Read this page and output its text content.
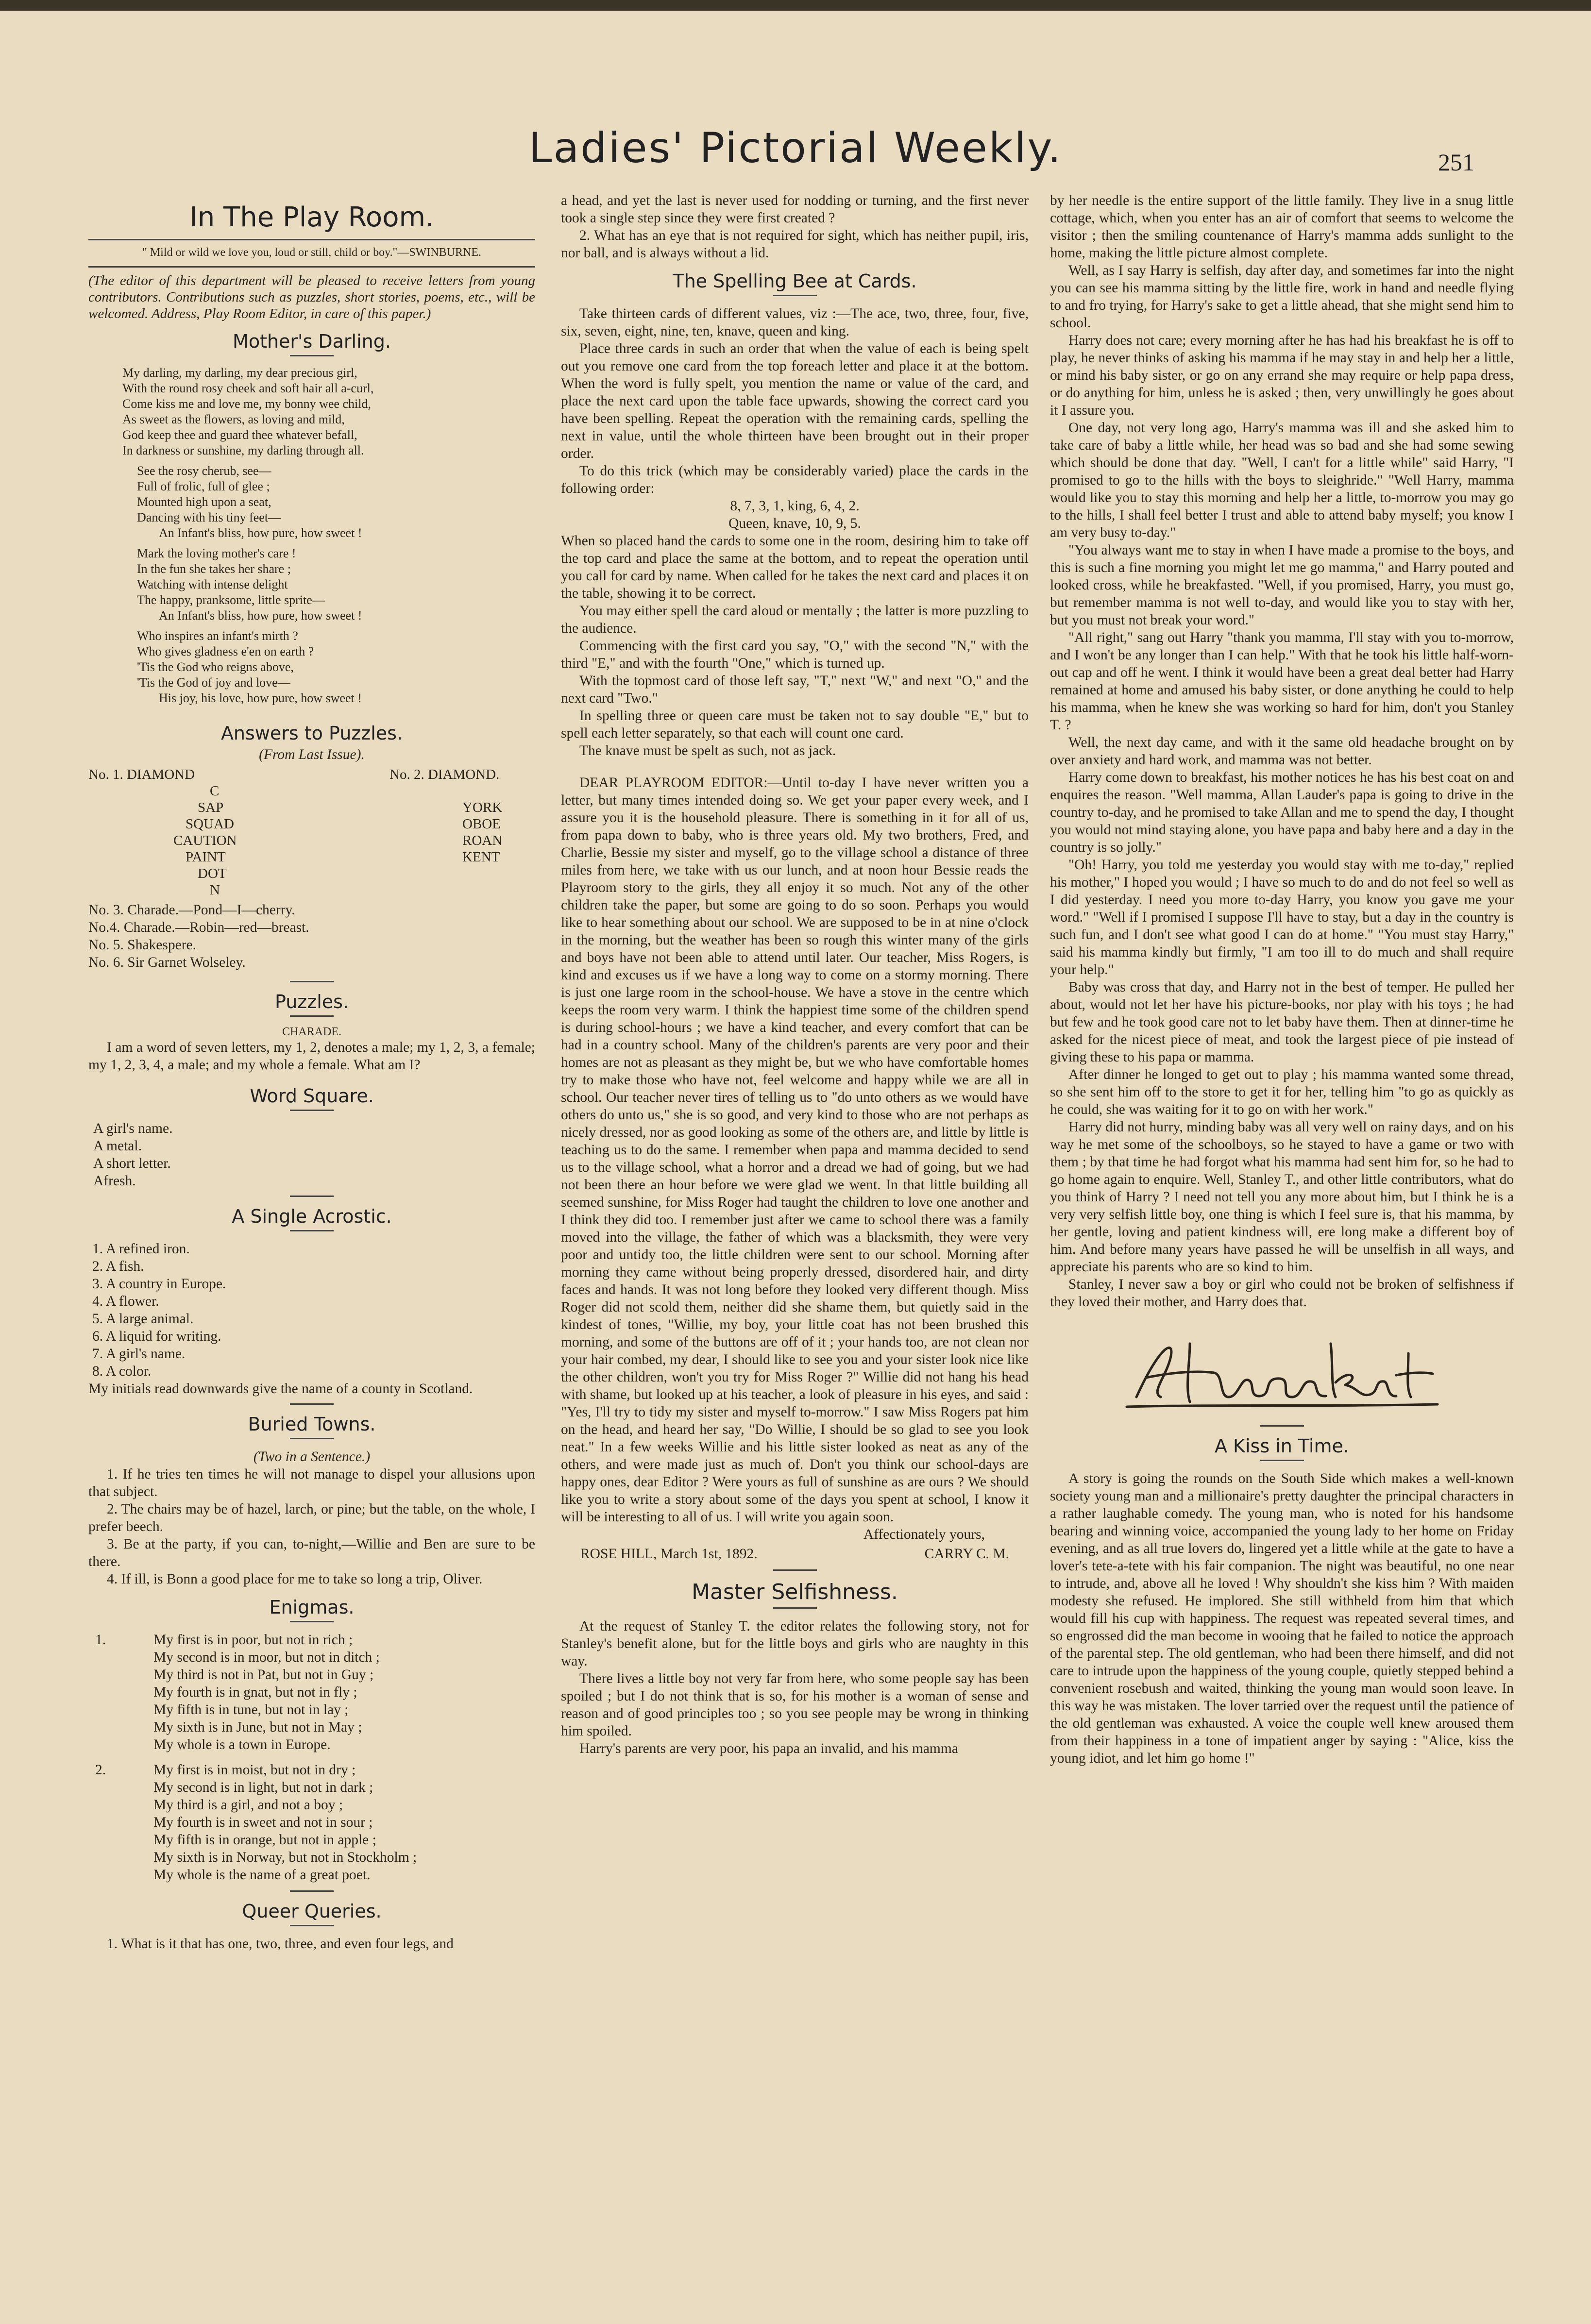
Ladies' Pictorial Weekly.	251
In The Play Room.

" Mild or wild we love you, loud or still, child or boy."—SWINBURNE.

(The editor of this department will be pleased to receive letters from young contributors. Contributions such as puzzles, short stories, poems, etc., will be welcomed. Address, Play Room Editor, in care of this paper.)

Mother's Darling.

My darling, my darling, my dear precious girl,

With the round rosy cheek and soft hair all a-curl,

Come kiss me and love me, my bonny wee child,

As sweet as the flowers, as loving and mild,

God keep thee and guard thee whatever befall,

In darkness or sunshine, my darling through all.

See the rosy cherub, see—

Full of frolic, full of glee ;

Mounted high upon a seat,

Dancing with his tiny feet—

An Infant's bliss, how pure, how sweet !

Mark the loving mother's care !

In the fun she takes her share ;

Watching with intense delight

The happy, pranksome, little sprite—

An Infant's bliss, how pure, how sweet !

Who inspires an infant's mirth ?

Who gives gladness e'en on earth ?

'Tis the God who reigns above,

'Tis the God of joy and love—

His joy, his love, how pure, how sweet !

Answers to Puzzles.

(From Last Issue).

No. 1. DIAMOND

C

SAP

SQUAD

CAUTION

PAINT

DOT

N

No. 2. DIAMOND.

YORK

OBOE

ROAN

KENT

No. 3. Charade.—Pond—I—cherry.

No.4. Charade.—Robin—red—breast.

No. 5. Shakespere.

No. 6. Sir Garnet Wolseley.

Puzzles.

CHARADE.

I am a word of seven letters, my 1, 2, denotes a male; my 1, 2, 3, a female; my 1, 2, 3, 4, a male; and my whole a female. What am I?

Word Square.

A girl's name.

A metal.

A short letter.

Afresh.

A Single Acrostic.

1. A refined iron.

2. A fish.

3. A country in Europe.

4. A flower.

5. A large animal.

6. A liquid for writing.

7. A girl's name.

8. A color.

My initials read downwards give the name of a county in Scotland.

Buried Towns.

(Two in a Sentence.)

1. If he tries ten times he will not manage to dispel your allusions upon that subject.

2. The chairs may be of hazel, larch, or pine; but the table, on the whole, I prefer beech.

3. Be at the party, if you can, to-night,—Willie and Ben are sure to be there.

4. If ill, is Bonn a good place for me to take so long a trip, Oliver.

Enigmas.
1.	My first is in poor, but not in rich ;

My second is in moor, but not in ditch ;

My third is not in Pat, but not in Guy ;

My fourth is in gnat, but not in fly ;

My fifth is in tune, but not in lay ;

My sixth is in June, but not in May ;

My whole is a town in Europe.

2.	My first is in moist, but not in dry ;

My second is in light, but not in dark ;

My third is a girl, and not a boy ;

My fourth is in sweet and not in sour ;

My fifth is in orange, but not in apple ;

My sixth is in Norway, but not in Stockholm ;

My whole is the name of a great poet.

Queer Queries.

1. What is it that has one, two, three, and even four legs, and

a head, and yet the last is never used for nodding or turning, and the first never took a single step since they were first created ?

2. What has an eye that is not required for sight, which has neither pupil, iris, nor ball, and is always without a lid.

The Spelling Bee at Cards.

Take thirteen cards of different values, viz :—The ace, two, three, four, five, six, seven, eight, nine, ten, knave, queen and king.

Place three cards in such an order that when the value of each is being spelt out you remove one card from the top foreach letter and place it at the bottom. When the word is fully spelt, you mention the name or value of the card, and place the next card upon the table face upwards, showing the correct card you have been spelling. Repeat the operation with the remaining cards, spelling the next in value, until the whole thirteen have been brought out in their proper order.

To do this trick (which may be considerably varied) place the cards in the following order:

8, 7, 3, 1, king, 6, 4, 2.

Queen, knave, 10, 9, 5.

When so placed hand the cards to some one in the room, desiring him to take off the top card and place the same at the bottom, and to repeat the operation until you call for card by name. When called for he takes the next card and places it on the table, showing it to be correct.

You may either spell the card aloud or mentally ; the latter is more puzzling to the audience.

Commencing with the first card you say, "O," with the second "N," with the third "E," and with the fourth "One," which is turned up.

With the topmost card of those left say, "T," next "W," and next "O," and the next card "Two."

In spelling three or queen care must be taken not to say double "E," but to spell each letter separately, so that each will count one card.

The knave must be spelt as such, not as jack.

DEAR PLAYROOM EDITOR:—Until to-day I have never written you a letter, but many times intended doing so. We get your paper every week, and I assure you it is the household pleasure. There is something in it for all of us, from papa down to baby, who is three years old. My two brothers, Fred, and Charlie, Bessie my sister and myself, go to the village school a distance of three miles from here, we take with us our lunch, and at noon hour Bessie reads the Playroom story to the girls, they all enjoy it so much. Not any of the other children take the paper, but some are going to do so soon. Perhaps you would like to hear something about our school. We are supposed to be in at nine o'clock in the morning, but the weather has been so rough this winter many of the girls and boys have not been able to attend until later. Our teacher, Miss Rogers, is kind and excuses us if we have a long way to come on a stormy morning. There is just one large room in the school-house. We have a stove in the centre which keeps the room very warm. I think the happiest time some of the children spend is during school-hours ; we have a kind teacher, and every comfort that can be had in a country school. Many of the children's parents are very poor and their homes are not as pleasant as they might be, but we who have comfortable homes try to make those who have not, feel welcome and happy while we are all in school. Our teacher never tires of telling us to "do unto others as we would have others do unto us," she is so good, and very kind to those who are not perhaps as nicely dressed, nor as good looking as some of the others are, and little by little is teaching us to do the same. I remember when papa and mamma decided to send us to the village school, what a horror and a dread we had of going, but we had not been there an hour before we were glad we went. In that little building all seemed sunshine, for Miss Roger had taught the children to love one another and I think they did too. I remember just after we came to school there was a family moved into the village, the father of which was a blacksmith, they were very poor and untidy too, the little children were sent to our school. Morning after morning they came without being properly dressed, disordered hair, and dirty faces and hands. It was not long before they looked very different though. Miss Roger did not scold them, neither did she shame them, but quietly said in the kindest of tones, "Willie, my boy, your little coat has not been brushed this morning, and some of the buttons are off of it ; your hands too, are not clean nor your hair combed, my dear, I should like to see you and your sister look nice like the other children, won't you try for Miss Roger ?" Willie did not hang his head with shame, but looked up at his teacher, a look of pleasure in his eyes, and said : "Yes, I'll try to tidy my sister and myself to-morrow." I saw Miss Rogers pat him on the head, and heard her say, "Do Willie, I should be so glad to see you look neat." In a few weeks Willie and his little sister looked as neat as any of the others, and were made just as much of. Don't you think our school-days are happy ones, dear Editor ? Were yours as full of sunshine as are ours ? We should like you to write a story about some of the days you spent at school, I know it will be interesting to all of us. I will write you again soon.

Affectionately yours,

ROSE HILL, March 1st, 1892.	CARRY C. M.
Master Selfishness.

At the request of Stanley T. the editor relates the following story, not for Stanley's benefit alone, but for the little boys and girls who are naughty in this way.

There lives a little boy not very far from here, who some people say has been spoiled ; but I do not think that is so, for his mother is a woman of sense and reason and of good principles too ; so you see people may be wrong in thinking him spoiled.

Harry's parents are very poor, his papa an invalid, and his mamma

by her needle is the entire support of the little family. They live in a snug little cottage, which, when you enter has an air of comfort that seems to welcome the visitor ; then the smiling countenance of Harry's mamma adds sunlight to the home, making the little picture almost complete.

Well, as I say Harry is selfish, day after day, and sometimes far into the night you can see his mamma sitting by the little fire, work in hand and needle flying to and fro trying, for Harry's sake to get a little ahead, that she might send him to school.

Harry does not care; every morning after he has had his breakfast he is off to play, he never thinks of asking his mamma if he may stay in and help her a little, or mind his baby sister, or go on any errand she may require or help papa dress, or do anything for him, unless he is asked ; then, very unwillingly he goes about it I assure you.

One day, not very long ago, Harry's mamma was ill and she asked him to take care of baby a little while, her head was so bad and she had some sewing which should be done that day. "Well, I can't for a little while" said Harry, "I promised to go to the hills with the boys to sleighride." "Well Harry, mamma would like you to stay this morning and help her a little, to-morrow you may go to the hills, I shall feel better I trust and able to attend baby myself; you know I am very busy to-day."

"You always want me to stay in when I have made a promise to the boys, and this is such a fine morning you might let me go mamma," and Harry pouted and looked cross, while he breakfasted. "Well, if you promised, Harry, you must go, but remember mamma is not well to-day, and would like you to stay with her, but you must not break your word."

"All right," sang out Harry "thank you mamma, I'll stay with you to-morrow, and I won't be any longer than I can help." With that he took his little half-worn-out cap and off he went. I think it would have been a great deal better had Harry remained at home and amused his baby sister, or done anything he could to help his mamma, when he knew she was working so hard for him, don't you Stanley T. ?

Well, the next day came, and with it the same old headache brought on by over anxiety and hard work, and mamma was not better.

Harry come down to breakfast, his mother notices he has his best coat on and enquires the reason. "Well mamma, Allan Lauder's papa is going to drive in the country to-day, and he promised to take Allan and me to spend the day, I thought you would not mind staying alone, you have papa and baby here and a day in the country is so jolly."

"Oh! Harry, you told me yesterday you would stay with me to-day," replied his mother," I hoped you would ; I have so much to do and do not feel so well as I did yesterday. I need you more to-day Harry, you know you gave me your word." "Well if I promised I suppose I'll have to stay, but a day in the country is such fun, and I don't see what good I can do at home." "You must stay Harry," said his mamma kindly but firmly, "I am too ill to do much and shall require your help."

Baby was cross that day, and Harry not in the best of temper. He pulled her about, would not let her have his picture-books, nor play with his toys ; he had but few and he took good care not to let baby have them. Then at dinner-time he asked for the nicest piece of meat, and took the largest piece of pie instead of giving these to his papa or mamma.

After dinner he longed to get out to play ; his mamma wanted some thread, so she sent him off to the store to get it for her, telling him "to go as quickly as he could, she was waiting for it to go on with her work."

Harry did not hurry, minding baby was all very well on rainy days, and on his way he met some of the schoolboys, so he stayed to have a game or two with them ; by that time he had forgot what his mamma had sent him for, so he had to go home again to enquire. Well, Stanley T., and other little contributors, what do you think of Harry ? I need not tell you any more about him, but I think he is a very very selfish little boy, one thing is which I feel sure is, that his mamma, by her gentle, loving and patient kindness will, ere long make a different boy of him. And before many years have passed he will be unselfish in all ways, and appreciate his parents who are so kind to him.

Stanley, I never saw a boy or girl who could not be broken of selfishness if they loved their mother, and Harry does that.

A Kiss in Time.

A story is going the rounds on the South Side which makes a well-known society young man and a millionaire's pretty daughter the principal characters in a rather laughable comedy. The young man, who is noted for his handsome bearing and winning voice, accompanied the young lady to her home on Friday evening, and as all true lovers do, lingered yet a little while at the gate to have a lover's tete-a-tete with his fair companion. The night was beautiful, no one near to intrude, and, above all he loved ! Why shouldn't she kiss him ? With maiden modesty she refused. He implored. She still withheld from him that which would fill his cup with happiness. The request was repeated several times, and so engrossed did the man become in wooing that he failed to notice the approach of the parental step. The old gentleman, who had been there himself, and did not care to intrude upon the happiness of the young couple, quietly stepped behind a convenient rosebush and waited, thinking the young man would soon leave. In this way he was mistaken. The lover tarried over the request until the patience of the old gentleman was exhausted. A voice the couple well knew aroused them from their happiness in a tone of impatient anger by saying : "Alice, kiss the young idiot, and let him go home !"
